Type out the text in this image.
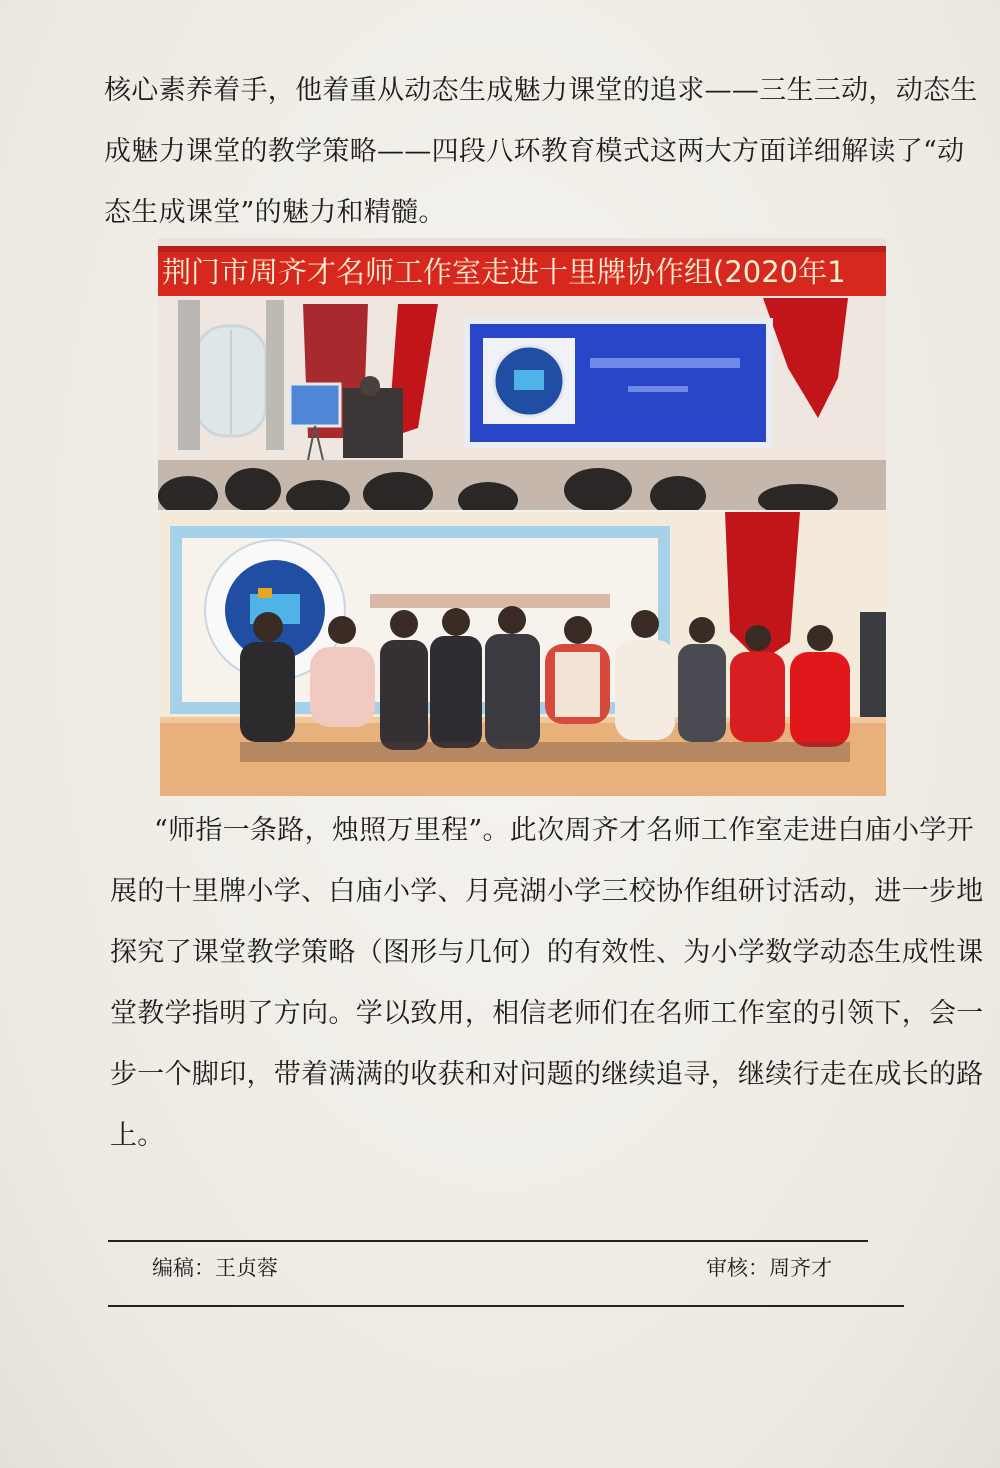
核心素养着手，他着重从动态生成魅力课堂的追求——三生三动，动态生
成魅力课堂的教学策略——四段八环教育模式这两大方面详细解读了“动
态生成课堂”的魅力和精髓。
荆门市周齐才名师工作室走进十里牌协作组(2020年1
“师指一条路，烛照万里程”。此次周齐才名师工作室走进白庙小学开
展的十里牌小学、白庙小学、月亮湖小学三校协作组研讨活动，进一步地
探究了课堂教学策略（图形与几何）的有效性、为小学数学动态生成性课
堂教学指明了方向。学以致用，相信老师们在名师工作室的引领下，会一
步一个脚印，带着满满的收获和对问题的继续追寻，继续行走在成长的路
上。
编稿：王贞蓉	审核：周齐才
